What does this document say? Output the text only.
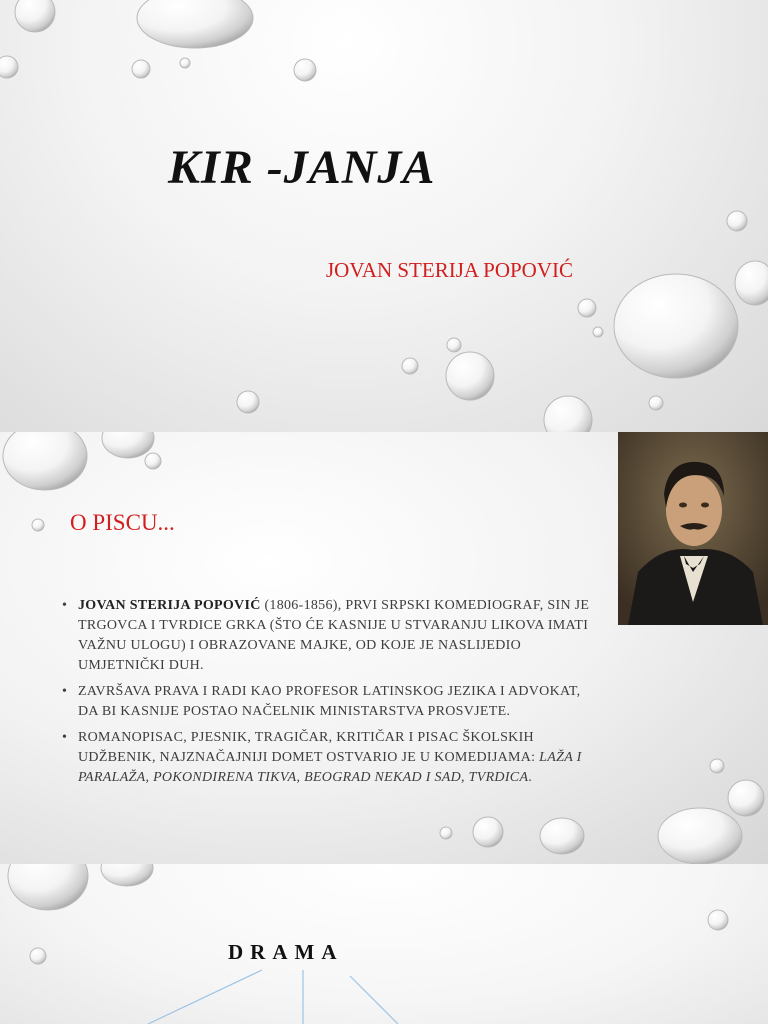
KIR -JANJA

JOVAN STERIJA POPOVIĆ

O PISCU...
• JOVAN STERIJA POPOVIĆ (1806-1856), PRVI SRPSKI KOMEDIOGRAF, SIN JE TRGOVCA I TVRDICE GRKA (ŠTO ĆE KASNIJE U STVARANJU LIKOVA IMATI VAŽNU ULOGU) I OBRAZOVANE MAJKE, OD KOJE JE NASLIJEDIO UMJETNIČKI DUH.
• ZAVRŠAVA PRAVA I RADI KAO PROFESOR LATINSKOG JEZIKA I ADVOKAT, DA BI KASNIJE POSTAO NAČELNIK MINISTARSTVA PROSVJETE.
• ROMANOPISAC, PJESNIK, TRAGIČAR, KRITIČAR I PISAC ŠKOLSKIH UDŽBENIK, NAJZNAČAJNIJI DOMET OSTVARIO JE U KOMEDIJAMA: LAŽA I PARALAŽA, POKONDIRENA TIKVA, BEOGRAD NEKAD I SAD, TVRDICA.
DRAMA
